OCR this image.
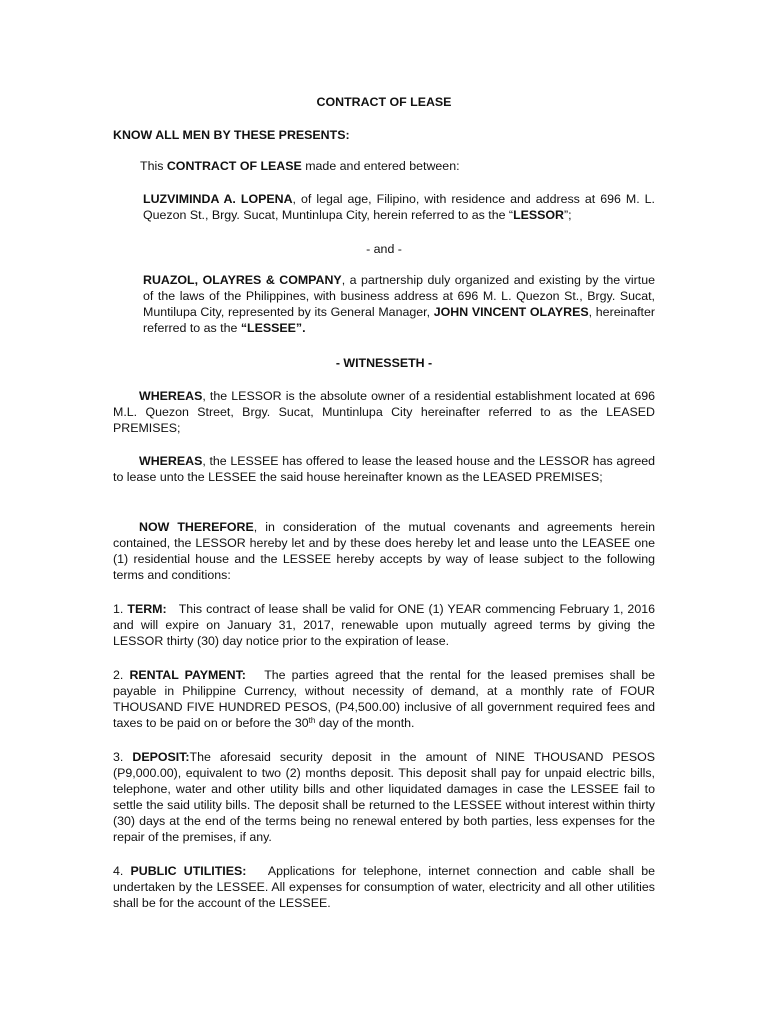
CONTRACT OF LEASE

KNOW ALL MEN BY THESE PRESENTS:

This CONTRACT OF LEASE made and entered between:

LUZVIMINDA A. LOPENA, of legal age, Filipino, with residence and address at 696 M. L. Quezon St., Brgy. Sucat, Muntinlupa City, herein referred to as the “LESSOR”;

- and -

RUAZOL, OLAYRES & COMPANY, a partnership duly organized and existing by the virtue of the laws of the Philippines, with business address at 696 M. L. Quezon St., Brgy. Sucat, Muntilupa City, represented by its General Manager, JOHN VINCENT OLAYRES, hereinafter referred to as the “LESSEE”.

- WITNESSETH -

WHEREAS, the LESSOR is the absolute owner of a residential establishment located at 696 M.L. Quezon Street, Brgy. Sucat, Muntinlupa City hereinafter referred to as the LEASED PREMISES;

WHEREAS, the LESSEE has offered to lease the leased house and the LESSOR has agreed to lease unto the LESSEE the said house hereinafter known as the LEASED PREMISES;

NOW THEREFORE, in consideration of the mutual covenants and agreements herein contained, the LESSOR hereby let and by these does hereby let and lease unto the LEASEE one (1) residential house and the LESSEE hereby accepts by way of lease subject to the following terms and conditions:

1. TERM:   This contract of lease shall be valid for ONE (1) YEAR commencing February 1, 2016 and will expire on January 31, 2017, renewable upon mutually agreed terms by giving the LESSOR thirty (30) day notice prior to the expiration of lease.

2. RENTAL PAYMENT:   The parties agreed that the rental for the leased premises shall be payable in Philippine Currency, without necessity of demand, at a monthly rate of FOUR THOUSAND FIVE HUNDRED PESOS, (P4,500.00) inclusive of all government required fees and taxes to be paid on or before the 30th day of the month.

3. DEPOSIT:The aforesaid security deposit in the amount of NINE THOUSAND PESOS (P9,000.00), equivalent to two (2) months deposit. This deposit shall pay for unpaid electric bills, telephone, water and other utility bills and other liquidated damages in case the LESSEE fail to settle the said utility bills. The deposit shall be returned to the LESSEE without interest within thirty (30) days at the end of the terms being no renewal entered by both parties, less expenses for the repair of the premises, if any.

4. PUBLIC UTILITIES:   Applications for telephone, internet connection and cable shall be undertaken by the LESSEE. All expenses for consumption of water, electricity and all other utilities shall be for the account of the LESSEE.
